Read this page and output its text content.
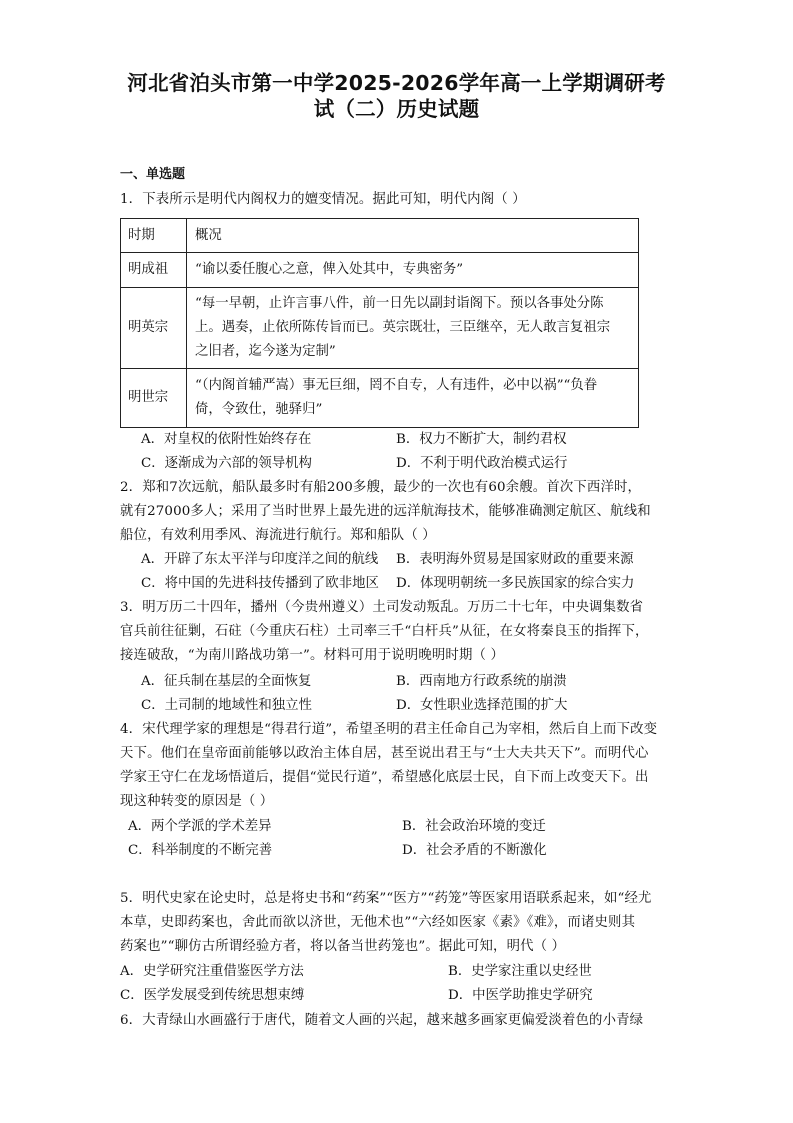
河北省泊头市第一中学2025-2026学年高一上学期调研考
试（二）历史试题
一、单选题
1．下表所示是明代内阁权力的嬗变情况。据此可知，明代内阁（ ）
时期	概况
明成祖	“谕以委任腹心之意，俾入处其中，专典密务”

明英宗	“每一早朝，止许言事八件，前一日先以副封诣阁下。预以各事处分陈
上。遇奏，止依所陈传旨而已。英宗既壮，三臣继卒，无人敢言复祖宗
之旧者，迄今遂为定制”

明世宗	“（内阁首辅严嵩）事无巨细，罔不自专，人有违件，必中以祸”“负眷
倚，令致仕，驰驿归”
A．对皇权的依附性始终存在	B．权力不断扩大，制约君权
C．逐渐成为六部的领导机构	D．不利于明代政治模式运行
2．郑和7次远航，船队最多时有船200多艘，最少的一次也有60余艘。首次下西洋时，
就有27000多人；采用了当时世界上最先进的远洋航海技术，能够准确测定航区、航线和
船位，有效利用季风、海流进行航行。郑和船队（ ）
A．开辟了东太平洋与印度洋之间的航线 B．表明海外贸易是国家财政的重要来源
C．将中国的先进科技传播到了欧非地区 D．体现明朝统一多民族国家的综合实力
3．明万历二十四年，播州（今贵州遵义）土司发动叛乱。万历二十七年，中央调集数省
官兵前往征剿，石砫（今重庆石柱）土司率三千“白杆兵”从征，在女将秦良玉的指挥下，
接连破敌，“为南川路战功第一”。材料可用于说明晚明时期（ ）
A．征兵制在基层的全面恢复	B．西南地方行政系统的崩溃
C．土司制的地域性和独立性	D．女性职业选择范围的扩大
4．宋代理学家的理想是“得君行道”，希望圣明的君主任命自己为宰相，然后自上而下改变
天下。他们在皇帝面前能够以政治主体自居，甚至说出君王与“士大夫共天下”。而明代心
学家王守仁在龙场悟道后，提倡“觉民行道”，希望感化底层士民，自下而上改变天下。出
现这种转变的原因是（ ）
A．两个学派的学术差异	B．社会政治环境的变迁
C．科举制度的不断完善	D．社会矛盾的不断激化
5．明代史家在论史时，总是将史书和“药案”“医方”“药笼”等医家用语联系起来，如“经尤
本草，史即药案也，舍此而欲以济世，无他术也”“六经如医家《素》《难》，而诸史则其
药案也”“聊仿古所谓经验方者，将以备当世药笼也”。据此可知，明代（ ）
A．史学研究注重借鉴医学方法	B．史学家注重以史经世
C．医学发展受到传统思想束缚	D．中医学助推史学研究
6．大青绿山水画盛行于唐代，随着文人画的兴起，越来越多画家更偏爱淡着色的小青绿
